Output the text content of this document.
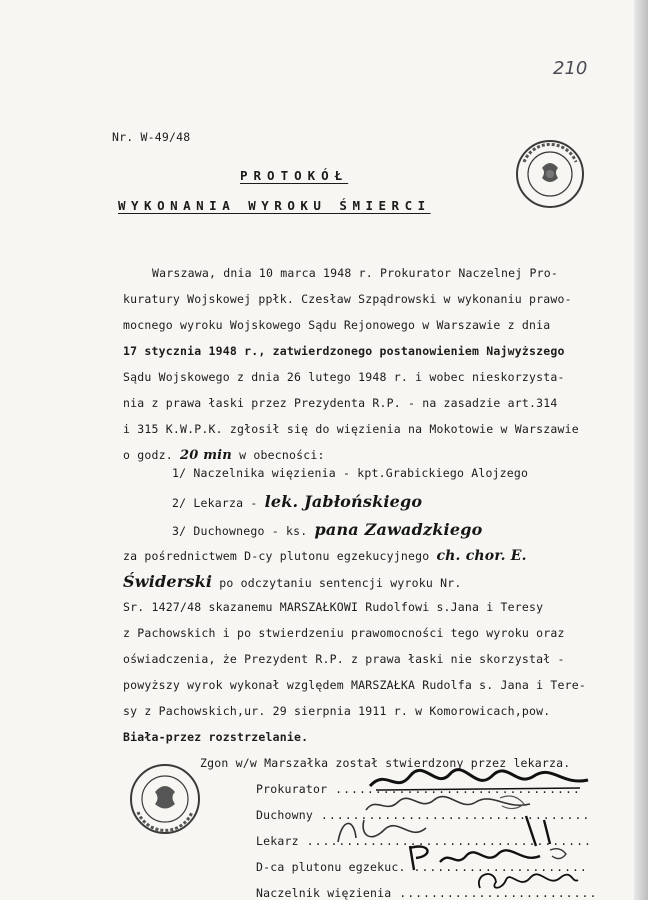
210
Nr. W-49/48
PROTOKÓŁ
WYKONANIA WYROKU ŚMIERCI
Warszawa, dnia 10 marca 1948 r. Prokurator Naczelnej Pro-
kuratury Wojskowej ppłk. Czesław Szpądrowski w wykonaniu prawo-
mocnego wyroku Wojskowego Sądu Rejonowego w Warszawie z dnia
17 stycznia 1948 r., zatwierdzonego postanowieniem Najwyższego
Sądu Wojskowego z dnia 26 lutego 1948 r. i wobec nieskorzysta-
nia z prawa łaski przez Prezydenta R.P. - na zasadzie art.314
i 315 K.W.P.K. zgłosił się do więzienia na Mokotowie w Warszawie
o godz. 20 min w obecności:
1/ Naczelnika więzienia - kpt.Grabickiego Alojzego
2/ Lekarza - lek. Jabłońskiego
3/ Duchownego - ks. pana Zawadzkiego
za pośrednictwem D-cy plutonu egzekucyjnego ch. chor. E.
Świderski po odczytaniu sentencji wyroku Nr.
Sr. 1427/48 skazanemu MARSZAŁKOWI Rudolfowi s.Jana i Teresy
z Pachowskich i po stwierdzeniu prawomocności tego wyroku oraz
oświadczenia, że Prezydent R.P. z prawa łaski nie skorzystał -
powyższy wyrok wykonał względem MARSZAŁKA Rudolfa s. Jana i Tere-
sy z Pachowskich,ur. 29 sierpnia 1911 r. w Komorowicach,pow.
Biała-przez rozstrzelanie.
Zgon w/w Marszałka został stwierdzony przez lekarza.
Prokurator ...............................
Duchowny ..................................
Lekarz ....................................
D-ca plutonu egzekuc. ......................
Naczelnik więzienia .........................
